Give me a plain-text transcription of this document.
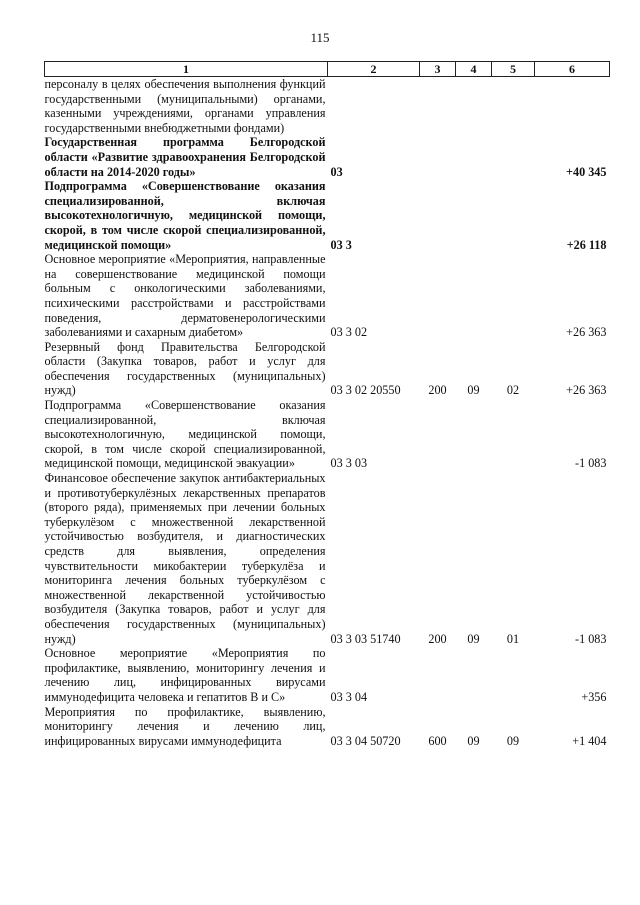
115
1	2	3	4	5	6
персоналу в целях обеспечения выполнения функций государственными (муниципальными) органами, казенными учреждениями, органами управления государственными внебюджетными фондами)					
Государственная программа Белгородской области «Развитие здравоохранения Белгородской области на 2014-2020 годы»	03				+40 345
Подпрограмма «Совершенствование оказания специализированной, включая высокотехнологичную, медицинской помощи, скорой, в том числе скорой специализированной, медицинской помощи»	03 3				+26 118
Основное мероприятие «Мероприятия, направленные на совершенствование медицинской помощи больным с онкологическими заболеваниями, психическими расстройствами и расстройствами поведения, дерматовенерологическими заболеваниями и сахарным диабетом»	03 3 02				+26 363
Резервный фонд Правительства Белгородской области (Закупка товаров, работ и услуг для обеспечения государственных (муниципальных) нужд)	03 3 02 20550	200	09	02	+26 363
Подпрограмма «Совершенствование оказания специализированной, включая высокотехнологичную, медицинской помощи, скорой, в том числе скорой специализированной, медицинской помощи, медицинской эвакуации»	03 3 03				-1 083
Финансовое обеспечение закупок антибактериальных и противотуберкулёзных лекарственных препаратов (второго ряда), применяемых при лечении больных туберкулёзом с множественной лекарственной устойчивостью возбудителя, и диагностических средств для выявления, определения чувствительности микобактерии туберкулёза и мониторинга лечения больных туберкулёзом с множественной лекарственной устойчивостью возбудителя (Закупка товаров, работ и услуг для обеспечения государственных (муниципальных) нужд)	03 3 03 51740	200	09	01	-1 083
Основное мероприятие «Мероприятия по профилактике, выявлению, мониторингу лечения и лечению лиц, инфицированных вирусами иммунодефицита человека и гепатитов В и С»	03 3 04				+356
Мероприятия по профилактике, выявлению, мониторингу лечения и лечению лиц, инфицированных вирусами иммунодефицита	03 3 04 50720	600	09	09	+1 404
